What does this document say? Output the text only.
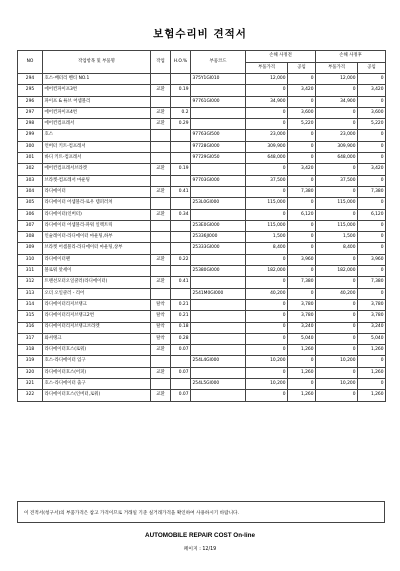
보험수리비 견적서
NO	작업항목 및 부품명	작업	H.O.%	부품코드	손해 사정전		손해 사정후	
					부품가격	공임	부품가격	공임
294	호스-배터리 벤티 NO.1			375Y1GI010	12,000	0	12,000	0
295	에어컨파이프3번	교환	0.19		0	3,420	0	3,420
296	파이프 & 튜브 어셈블리			97761GI000	34,900	0	34,900	0
297	에어컨파이프4번	교환	0.2		0	3,600	0	3,600
298	에어컨컴프레서	교환	0.29		0	5,220	0	5,220
299	호스			97763GI500	23,000	0	23,000	0
300	언버터 키트-컴프레서			97728GI000	309,900	0	309,900	0
301	바디 키트-컴프레서			97729GI050	648,000	0	648,000	0
302	에어컨컴프레서브라켓	교환	0.19		0	3,420	0	3,420
303	브라켓-컴프레서 마운팅			97703GI000	37,500	0	37,500	0
304	라디에이터	교환	0.41		0	7,380	0	7,380
305	라디에이터 어셈블리-로우 템퍼러쳐			253L0GI000	115,000	0	115,000	0
306	라디에이터(인버터)	교환	0.34		0	6,120	0	6,120
307	라디에이터 어셈블리-파워 일렉트릭			253E0GI000	115,000	0	115,000	0
308	인슐레이터-라디에이터 마운팅,하부			25336JI000	1,500	0	1,500	0
309	브라켓 어셈블리-라디에이터 마운팅,상부			25333GI000	8,400	0	8,400	0
310	라디에이터팬	교환	0.22		0	3,960	0	3,960
311	블로워 앗세이			25380GI000	182,000	0	182,000	0
312	트랜션모터오일쿨러(라디에이터)	교환	0.41		0	7,380	0	7,380
313	오더 오일쿨러 - 리어			2541M0GI000	40,200	0	40,200	0
314	라디에이터리저브탱크	탈착	0.21		0	3,780	0	3,780
315	라디에이터리저브탱크2번	탈착	0.21		0	3,780	0	3,780
316	라디에이터리저브탱크브라켓	탈착	0.18		0	3,240	0	3,240
317	와셔탱크	탈착	0.28		0	5,040	0	5,040
318	라디에이터호스(로워)	교환	0.07		0	1,260	0	1,260
319	호스-라디에이터 입구			254L4GI000	10,200	0	10,200	0
320	라디에이터호스(어퍼)	교환	0.07		0	1,260	0	1,260
321	호스-라디에이터 출구			254L5GI000	10,200	0	10,200	0
322	라디에이터호스(인버터,로워)	교환	0.07		0	1,260	0	1,260
이 견적서(청구서)의 부품가격은 참고 가격이므로 거래일 기준 실거래가격을 확인하여 사용하시기 바랍니다.
AUTOMOBILE REPAIR COST On-line
페이지 : 12/19
